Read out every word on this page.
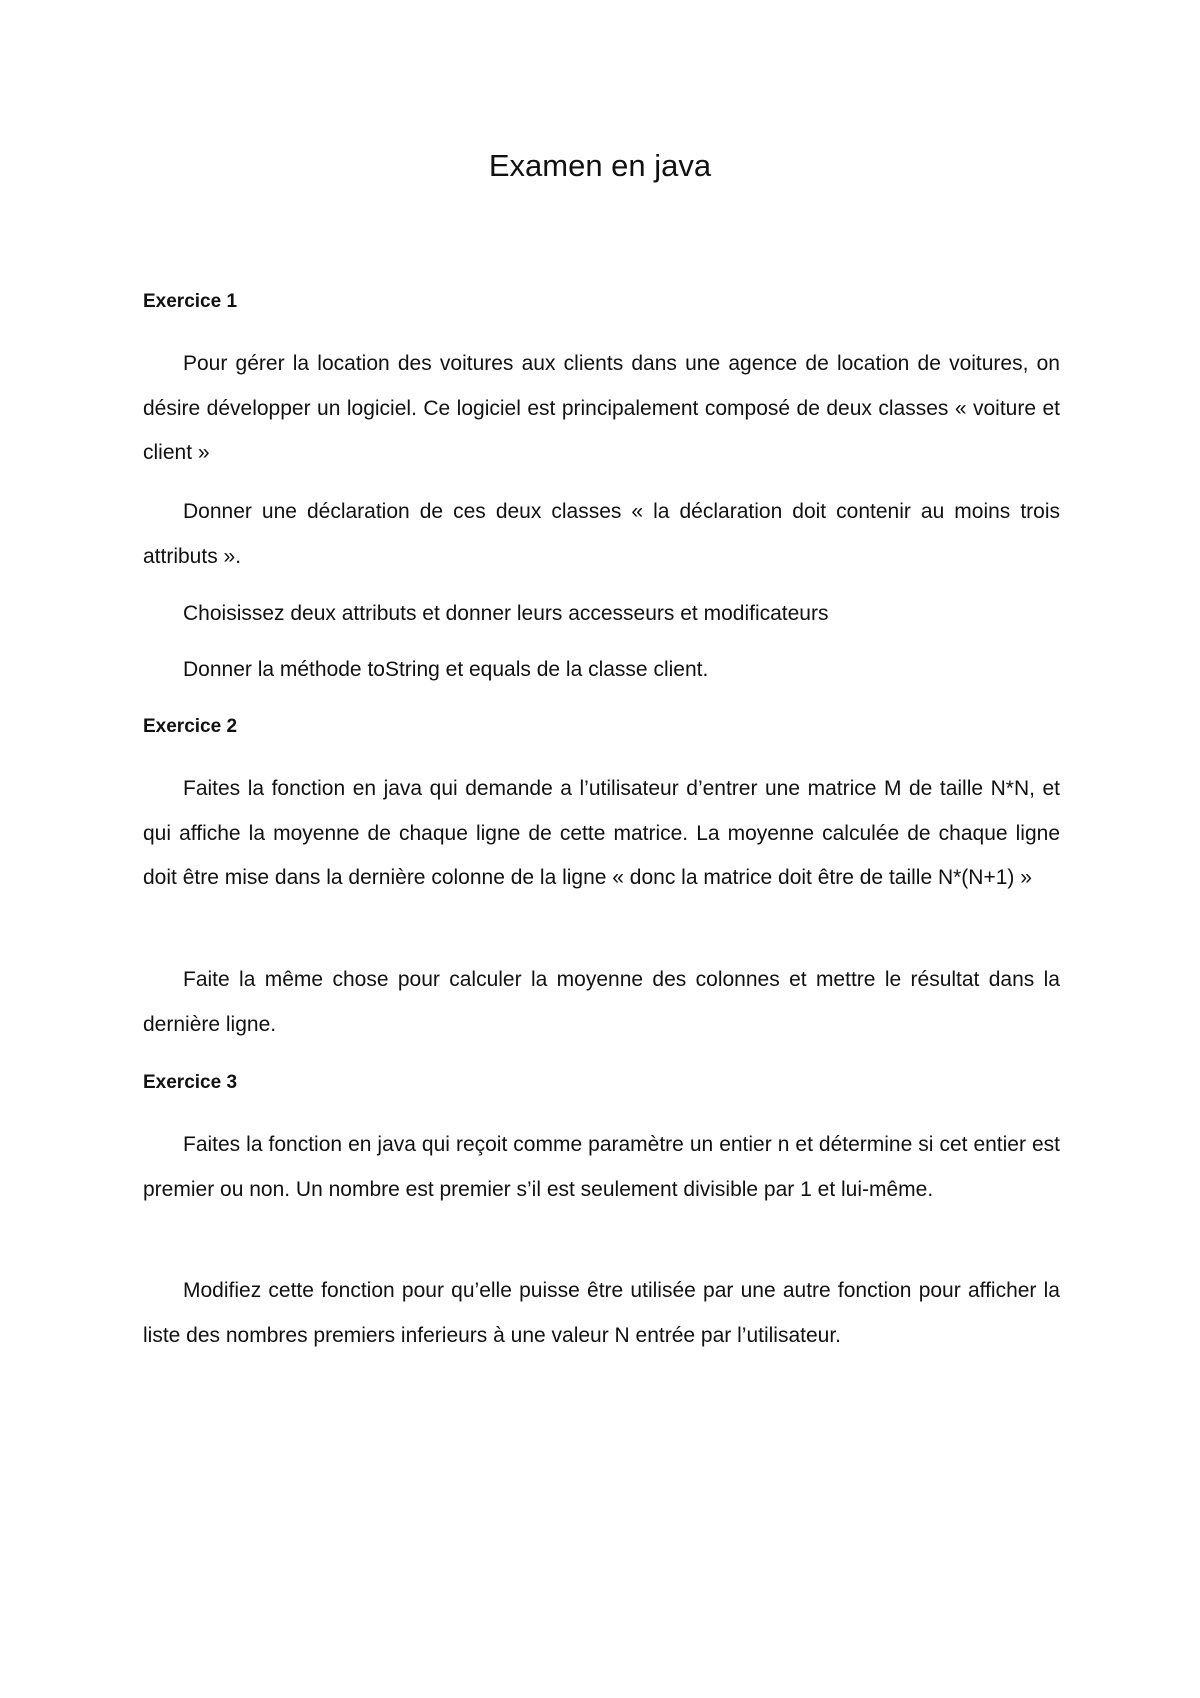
Examen en java
Exercice 1

Pour gérer la location des voitures aux clients dans une agence de location de voitures, on désire développer un logiciel. Ce logiciel est principalement composé de deux classes « voiture et client »

Donner une déclaration de ces deux classes « la déclaration doit contenir au moins trois attributs ».

Choisissez deux attributs et donner leurs accesseurs et modificateurs

Donner la méthode toString et equals de la classe client.

Exercice 2

Faites la fonction en java qui demande a l’utilisateur d’entrer une matrice M de taille N*N, et qui affiche la moyenne de chaque ligne de cette matrice. La moyenne calculée de chaque ligne doit être mise dans la dernière colonne de la ligne « donc la matrice doit être de taille N*(N+1) »

Faite la même chose pour calculer la moyenne des colonnes et mettre le résultat dans la dernière ligne.

Exercice 3

Faites la fonction en java qui reçoit comme paramètre un entier n et détermine si cet entier est premier ou non. Un nombre est premier s’il est seulement divisible par 1 et lui-même.

Modifiez cette fonction pour qu’elle puisse être utilisée par une autre fonction pour afficher la liste des nombres premiers inferieurs à une valeur N entrée par l’utilisateur.
